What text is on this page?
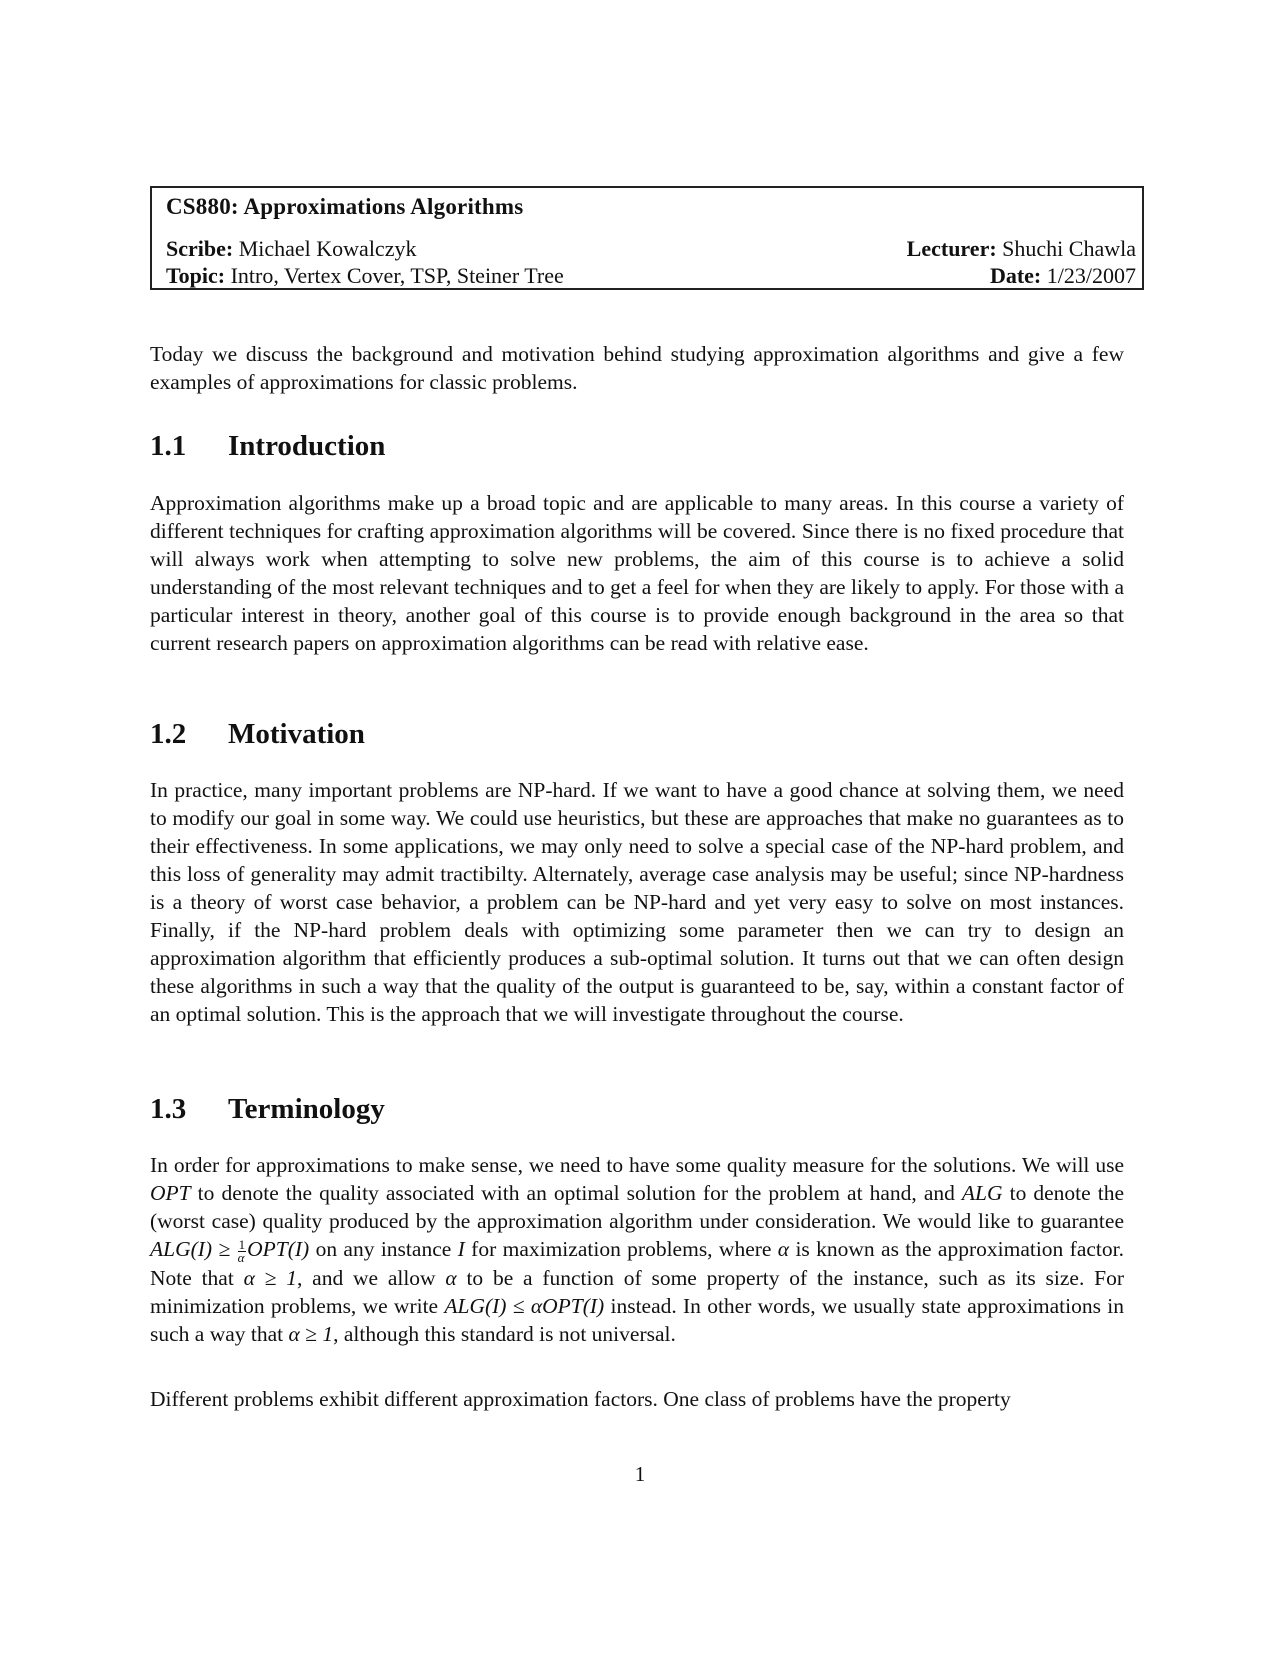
CS880: Approximations Algorithms
Scribe: Michael Kowalczyk	Lecturer: Shuchi Chawla
Topic: Intro, Vertex Cover, TSP, Steiner Tree	Date: 1/23/2007

Today we discuss the background and motivation behind studying approximation algorithms and give a few examples of approximations for classic problems.

1.1 Introduction

Approximation algorithms make up a broad topic and are applicable to many areas. In this course a variety of different techniques for crafting approximation algorithms will be covered. Since there is no fixed procedure that will always work when attempting to solve new problems, the aim of this course is to achieve a solid understanding of the most relevant techniques and to get a feel for when they are likely to apply. For those with a particular interest in theory, another goal of this course is to provide enough background in the area so that current research papers on approximation algorithms can be read with relative ease.

1.2 Motivation

In practice, many important problems are NP-hard. If we want to have a good chance at solving them, we need to modify our goal in some way. We could use heuristics, but these are approaches that make no guarantees as to their effectiveness. In some applications, we may only need to solve a special case of the NP-hard problem, and this loss of generality may admit tractibilty. Alternately, average case analysis may be useful; since NP-hardness is a theory of worst case behavior, a problem can be NP-hard and yet very easy to solve on most instances. Finally, if the NP-hard problem deals with optimizing some parameter then we can try to design an approximation algorithm that efficiently produces a sub-optimal solution. It turns out that we can often design these algorithms in such a way that the quality of the output is guaranteed to be, say, within a constant factor of an optimal solution. This is the approach that we will investigate throughout the course.

1.3 Terminology

In order for approximations to make sense, we need to have some quality measure for the solutions. We will use OPT to denote the quality associated with an optimal solution for the problem at hand, and ALG to denote the (worst case) quality produced by the approximation algorithm under consideration. We would like to guarantee $ALG(I) \ge \frac{1}{\alpha} OPT(I)$ on any instance I for maximization problems, where α is known as the approximation factor. Note that α ≥ 1, and we allow α to be a function of some property of the instance, such as its size. For minimization problems, we write ALG(I) ≤ αOPT(I) instead. In other words, we usually state approximations in such a way that α ≥ 1, although this standard is not universal.

Different problems exhibit different approximation factors. One class of problems have the property

1
